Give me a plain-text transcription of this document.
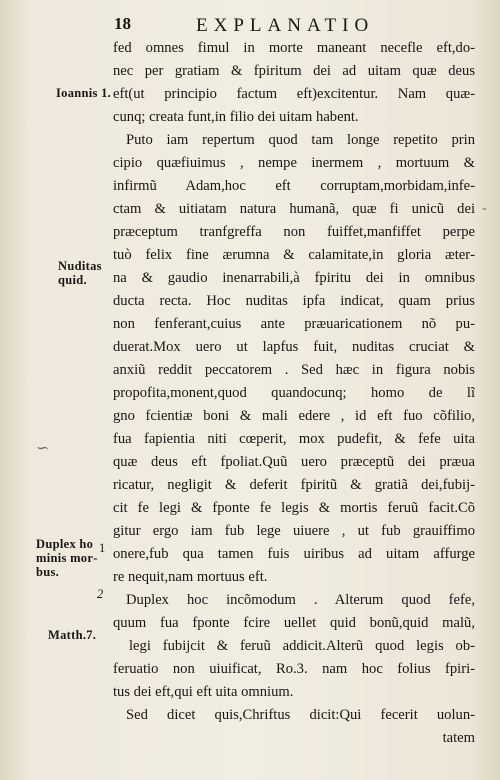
18	EXPLANATIO
fed omnes fimul in morte maneant necefle eft,do‑
nec per gratiam & fpiritum dei ad uitam quæ deus
eft(ut principio factum eft)excitentur. Nam quæ‑
cunq; creata funt,in filio dei uitam habent.
Puto iam repertum quod tam longe repetito prin
cipio quæfiuimus , nempe inermem , mortuum &
infirmũ Adam,hoc eft corruptam,morbidam,infe‑
ctam & uitiatam natura humanã, quæ fi unicũ dei
præceptum tranfgreffa non fuiffet,manfiffet perpe
tuò felix fine ærumna & calamitate,in gloria æter‑
na & gaudio inenarrabili,à fpiritu dei in omnibus
ducta recta. Hoc nuditas ipfa indicat, quam prius
non fenferant,cuius ante præuaricationem nõ pu‑
duerat.Mox uero ut lapfus fuit, nuditas cruciat &
anxiũ reddit peccatorem . Sed hæc in figura nobis
propofita,monent,quod quandocunq; homo de lĩ
gno fcientiæ boni & mali edere , id eft fuo cõfilio,
fua fapientia niti cœperit, mox pudefit, & fefe uita
quæ deus eft fpoliat.Quũ uero præceptũ dei præua
ricatur, negligit & deferit fpiritũ & gratiã dei,fubij‑
cit fe legi & fponte fe legis & mortis feruũ facit.Cõ
gitur ergo iam fub lege uiuere , ut fub grauiffimo
onere,fub qua tamen fuis uiribus ad uitam affurge
re nequit,nam mortuus eft.
Duplex hoc incõmodum . Alterum quod fefe,
quum fua fponte fcire uellet quid bonũ,quid malũ,
legi fubijcit & feruũ addicit.Alterũ quod legis ob‑
feruatio non uiuificat, Ro.3. nam hoc folius fpiri‑
tus dei eft,qui eft uita omnium.
Sed dicet quis,Chriftus dicit:Qui fecerit uolun‑
tatem
Ioannis 1.
Nuditas quid.
Duplex ho minis mor‑ bus.
Matth.7.
1
2
∽
-
